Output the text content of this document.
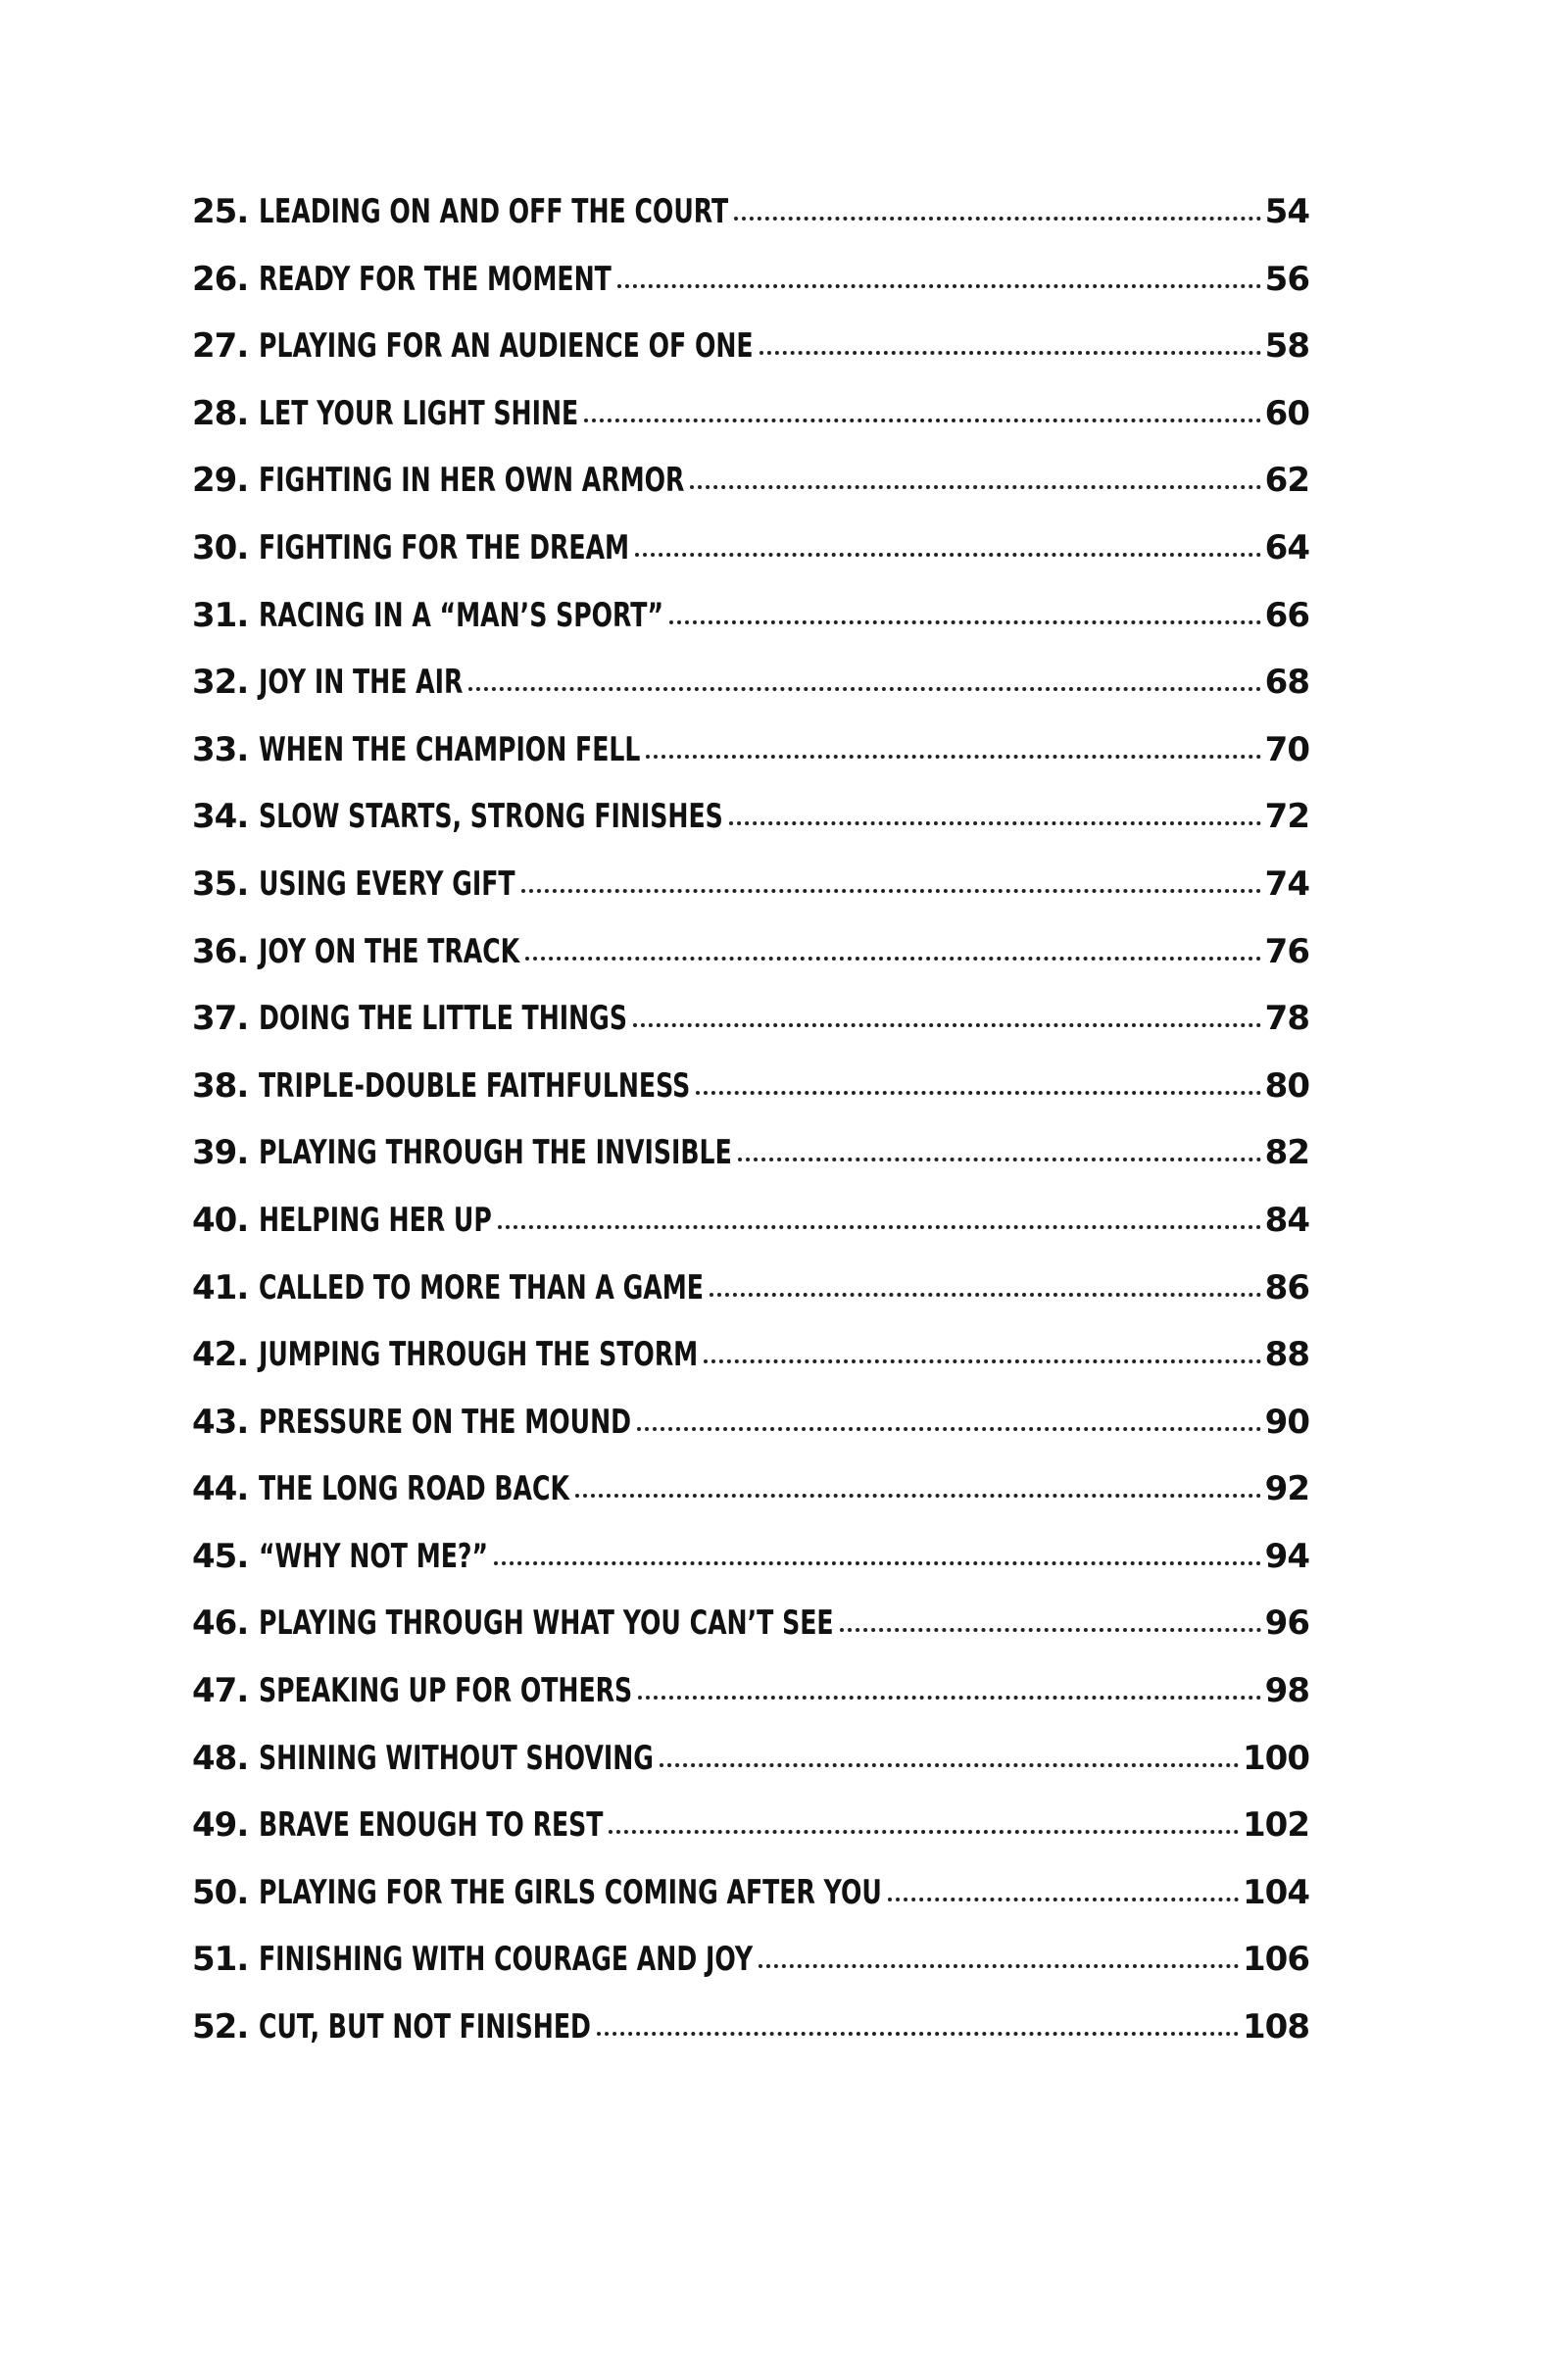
25. LEADING ON AND OFF THE COURT	54
26. READY FOR THE MOMENT	56
27. PLAYING FOR AN AUDIENCE OF ONE	58
28. LET YOUR LIGHT SHINE	60
29. FIGHTING IN HER OWN ARMOR	62
30. FIGHTING FOR THE DREAM	64
31. RACING IN A “MAN’S SPORT”	66
32. JOY IN THE AIR	68
33. WHEN THE CHAMPION FELL	70
34. SLOW STARTS, STRONG FINISHES	72
35. USING EVERY GIFT	74
36. JOY ON THE TRACK	76
37. DOING THE LITTLE THINGS	78
38. TRIPLE-DOUBLE FAITHFULNESS	80
39. PLAYING THROUGH THE INVISIBLE	82
40. HELPING HER UP	84
41. CALLED TO MORE THAN A GAME	86
42. JUMPING THROUGH THE STORM	88
43. PRESSURE ON THE MOUND	90
44. THE LONG ROAD BACK	92
45. “WHY NOT ME?”	94
46. PLAYING THROUGH WHAT YOU CAN’T SEE	96
47. SPEAKING UP FOR OTHERS	98
48. SHINING WITHOUT SHOVING	100
49. BRAVE ENOUGH TO REST	102
50. PLAYING FOR THE GIRLS COMING AFTER YOU	104
51. FINISHING WITH COURAGE AND JOY	106
52. CUT, BUT NOT FINISHED	108
